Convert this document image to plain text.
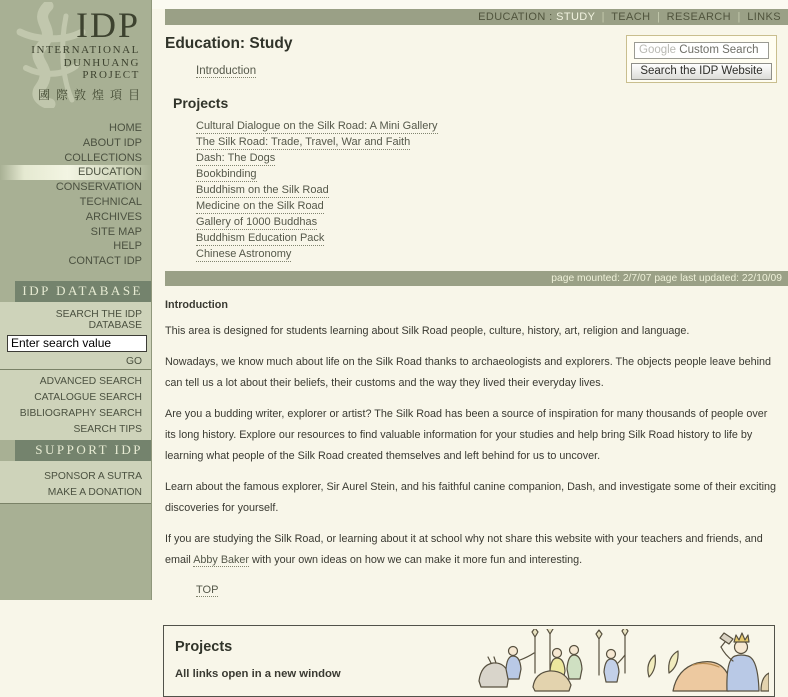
IDP
INTERNATIONAL
DUNHUANG
PROJECT
國際敦煌項目
HOME
ABOUT IDP
COLLECTIONS
EDUCATION
CONSERVATION
TECHNICAL
ARCHIVES
SITE MAP
HELP
CONTACT IDP
IDP DATABASE
SEARCH THE IDP DATABASE
Enter search value
GO
ADVANCED SEARCH
CATALOGUE SEARCH
BIBLIOGRAPHY SEARCH
SEARCH TIPS
SUPPORT IDP
SPONSOR A SUTRA
MAKE A DONATION
EDUCATION : STUDY | TEACH | RESEARCH | LINKS
Google Custom Search
Search the IDP Website
Education: Study
Introduction
Projects
Cultural Dialogue on the Silk Road: A Mini Gallery
The Silk Road: Trade, Travel, War and Faith
Dash: The Dogs
Bookbinding
Buddhism on the Silk Road
Medicine on the Silk Road
Gallery of 1000 Buddhas
Buddhism Education Pack
Chinese Astronomy
page mounted: 2/7/07 page last updated: 22/10/09
Introduction

This area is designed for students learning about Silk Road people, culture, history, art, religion and language.

Nowadays, we know much about life on the Silk Road thanks to archaeologists and explorers. The objects people leave behind can tell us a lot about their beliefs, their customs and the way they lived their everyday lives.

Are you a budding writer, explorer or artist? The Silk Road has been a source of inspiration for many thousands of people over its long history. Explore our resources to find valuable information for your studies and help bring Silk Road history to life by learning what people of the Silk Road created themselves and left behind for us to uncover.

Learn about the famous explorer, Sir Aurel Stein, and his faithful canine companion, Dash, and investigate some of their exciting discoveries for yourself.

If you are studying the Silk Road, or learning about it at school why not share this website with your teachers and friends, and email Abby Baker with your own ideas on how we can make it more fun and interesting.

TOP
Projects
All links open in a new window
